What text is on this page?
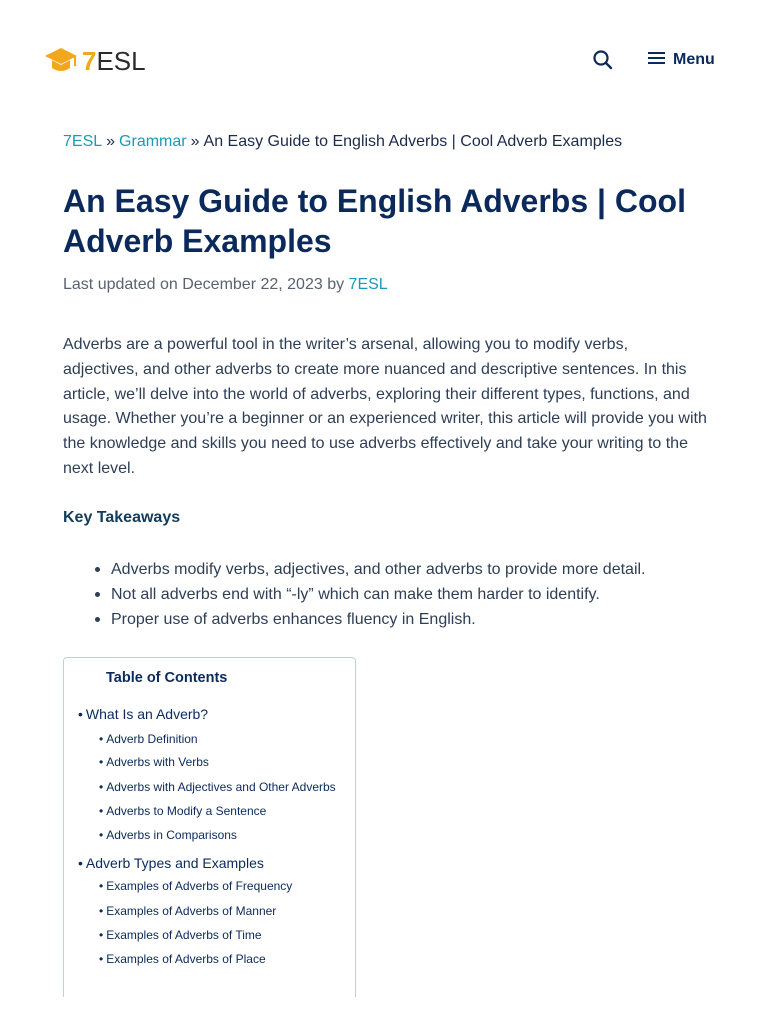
7ESL	Menu
7ESL » Grammar » An Easy Guide to English Adverbs | Cool Adverb Examples
An Easy Guide to English Adverbs | Cool Adverb Examples
Last updated on December 22, 2023 by 7ESL

Adverbs are a powerful tool in the writer’s arsenal, allowing you to modify verbs, adjectives, and other adverbs to create more nuanced and descriptive sentences. In this article, we’ll delve into the world of adverbs, exploring their different types, functions, and usage. Whether you’re a beginner or an experienced writer, this article will provide you with the knowledge and skills you need to use adverbs effectively and take your writing to the next level.

Key Takeaways
Adverbs modify verbs, adjectives, and other adverbs to provide more detail.
Not all adverbs end with “-ly” which can make them harder to identify.
Proper use of adverbs enhances fluency in English.
Table of Contents
• What Is an Adverb?
• Adverb Definition
• Adverbs with Verbs
• Adverbs with Adjectives and Other Adverbs
• Adverbs to Modify a Sentence
• Adverbs in Comparisons
• Adverb Types and Examples
• Examples of Adverbs of Frequency
• Examples of Adverbs of Manner
• Examples of Adverbs of Time
• Examples of Adverbs of Place
